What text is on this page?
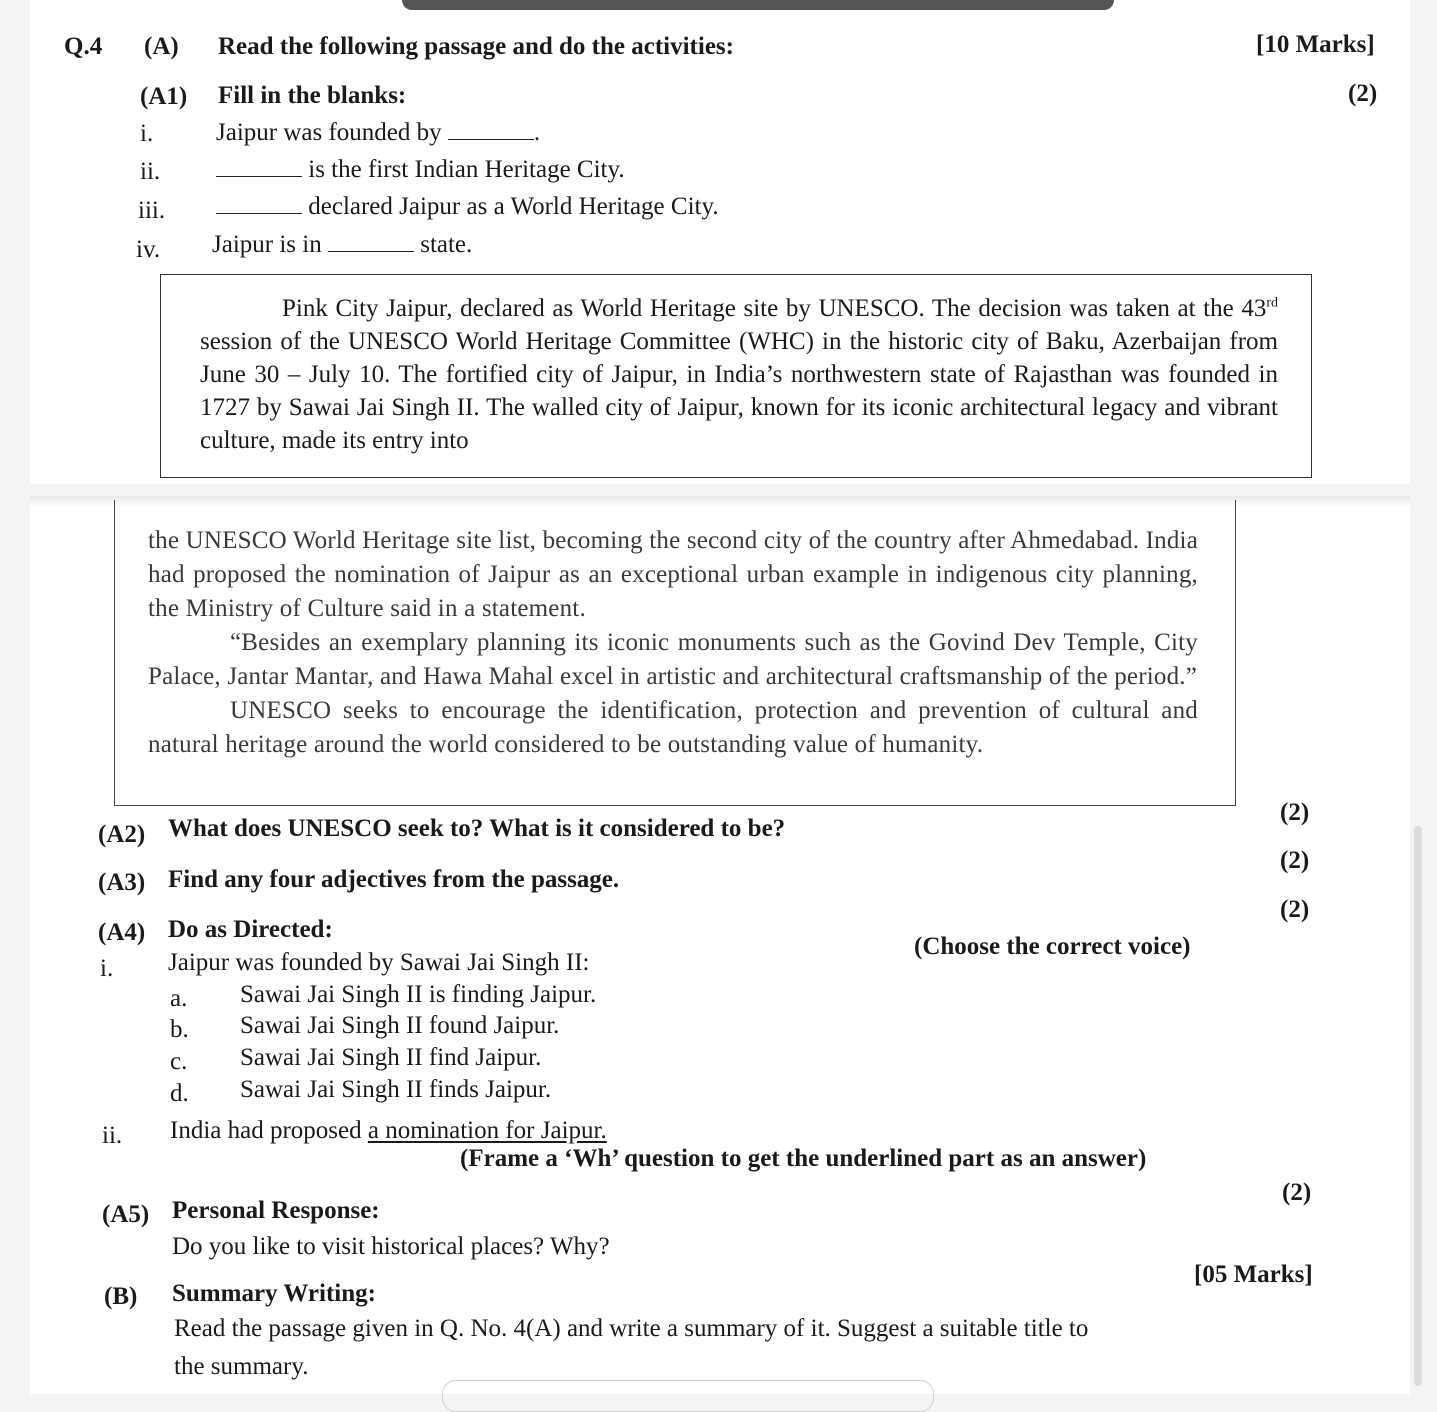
Q.4 (A) Read the following passage and do the activities:	[10 Marks]
(A1) Fill in the blanks:	(2)
i.	Jaipur was founded by	.
ii.	is the first Indian Heritage City.
iii.	declared Jaipur as a World Heritage City.
iv. Jaipur is in	state.

Pink City Jaipur, declared as World Heritage site by UNESCO. The decision was taken at the 43rd session of the UNESCO World Heritage Committee (WHC) in the historic city of Baku, Azerbaijan from June 30 – July 10. The fortified city of Jaipur, in India’s northwestern state of Rajasthan was founded in 1727 by Sawai Jai Singh II. The walled city of Jaipur, known for its iconic architectural legacy and vibrant culture, made its entry into

the UNESCO World Heritage site list, becoming the second city of the country after Ahmedabad. India had proposed the nomination of Jaipur as an exceptional urban example in indigenous city planning, the Ministry of Culture said in a statement.

“Besides an exemplary planning its iconic monuments such as the Govind Dev Temple, City Palace, Jantar Mantar, and Hawa Mahal excel in artistic and architectural craftsmanship of the period.”

UNESCO seeks to encourage the identification, protection and prevention of cultural and natural heritage around the world considered to be outstanding value of humanity.

(A2) What does UNESCO seek to? What is it considered to be?
(2)
(A3) Find any four adjectives from the passage.
(2)
(A4) Do as Directed:
(2)
i. Jaipur was founded by Sawai Jai Singh II:
(Choose the correct voice)
a. Sawai Jai Singh II is finding Jaipur.
b. Sawai Jai Singh II found Jaipur.
c. Sawai Jai Singh II find Jaipur.
d. Sawai Jai Singh II finds Jaipur.
ii. India had proposed a nomination for Jaipur.
(Frame a ‘Wh’ question to get the underlined part as an answer)
(A5) Personal Response:
(2)
Do you like to visit historical places? Why?
(B) Summary Writing:
[05 Marks]
Read the passage given in Q. No. 4(A) and write a summary of it. Suggest a suitable title to
the summary.
